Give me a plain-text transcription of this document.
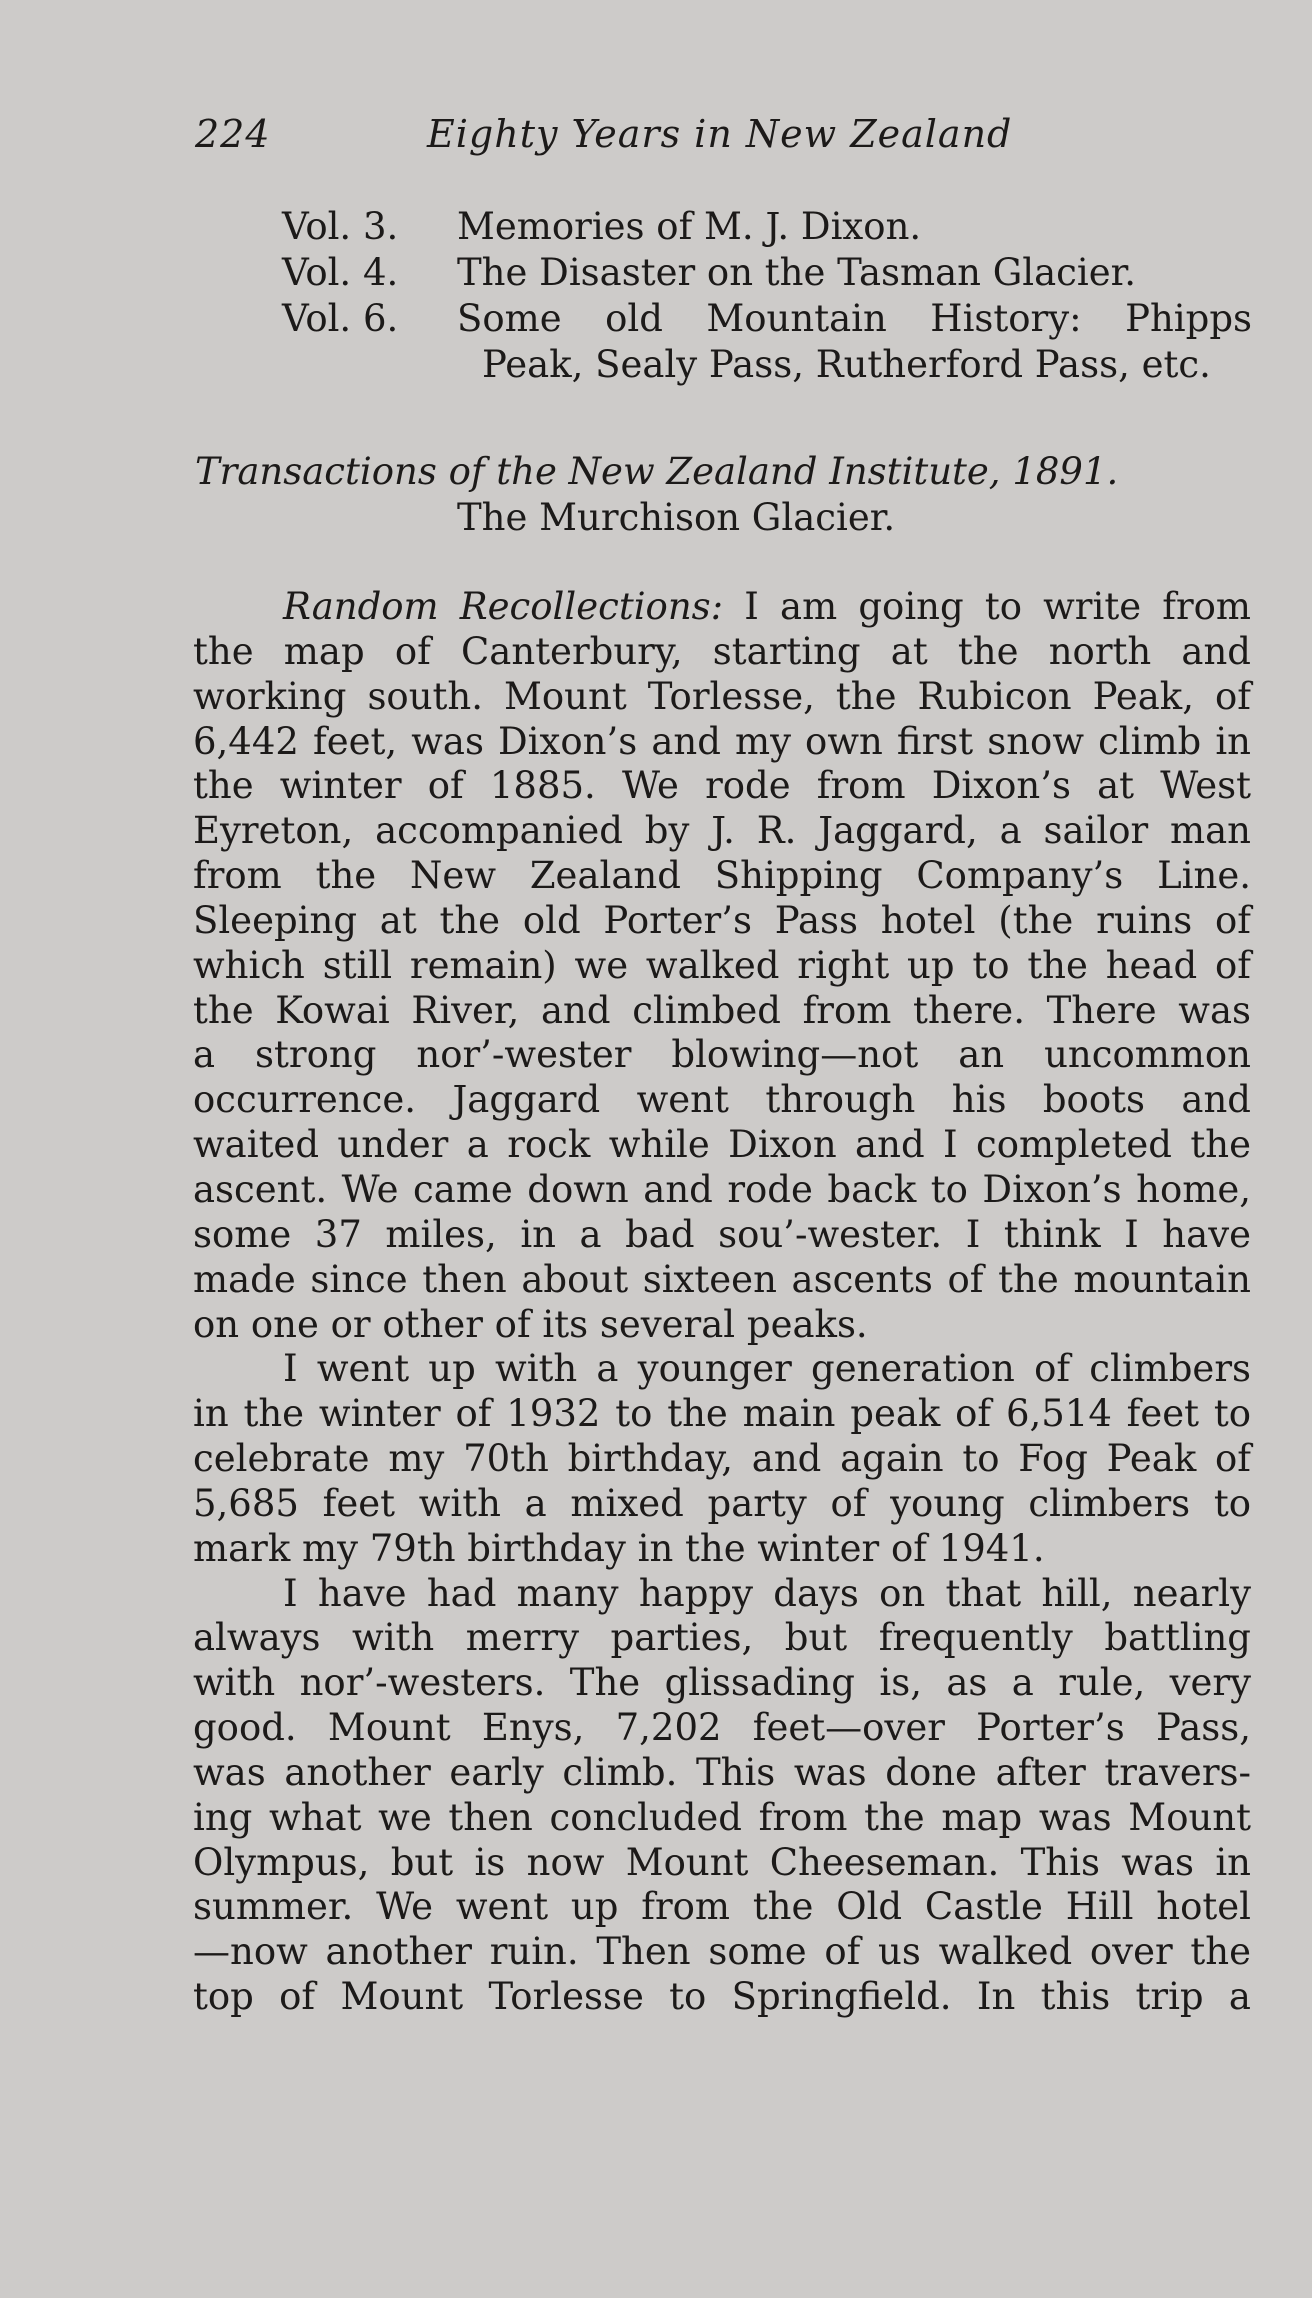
224	Eighty Years in New Zealand
Vol. 3. Memories of M. J. Dixon.
Vol. 4. The Disaster on the Tasman Glacier.
Vol. 6. Some old Mountain History: Phipps
Peak, Sealy Pass, Rutherford Pass, etc.
Transactions of the New Zealand Institute, 1891.
The Murchison Glacier.
Random Recollections: I am going to write from
the map of Canterbury, starting at the north and
working south. Mount Torlesse, the Rubicon Peak, of
6,442 feet, was Dixon’s and my own first snow climb in
the winter of 1885. We rode from Dixon’s at West
Eyreton, accompanied by J. R. Jaggard, a sailor man
from the New Zealand Shipping Company’s Line.
Sleeping at the old Porter’s Pass hotel (the ruins of
which still remain) we walked right up to the head of
the Kowai River, and climbed from there. There was
a strong nor’-wester blowing—not an uncommon
occurrence. Jaggard went through his boots and
waited under a rock while Dixon and I completed the
ascent. We came down and rode back to Dixon’s home,
some 37 miles, in a bad sou’-wester. I think I have
made since then about sixteen ascents of the mountain
on one or other of its several peaks.
I went up with a younger generation of climbers
in the winter of 1932 to the main peak of 6,514 feet to
celebrate my 70th birthday, and again to Fog Peak of
5,685 feet with a mixed party of young climbers to
mark my 79th birthday in the winter of 1941.
I have had many happy days on that hill, nearly
always with merry parties, but frequently battling
with nor’-westers. The glissading is, as a rule, very
good. Mount Enys, 7,202 feet—over Porter’s Pass,
was another early climb. This was done after travers-
ing what we then concluded from the map was Mount
Olympus, but is now Mount Cheeseman. This was in
summer. We went up from the Old Castle Hill hotel
—now another ruin. Then some of us walked over the
top of Mount Torlesse to Springfield. In this trip a
